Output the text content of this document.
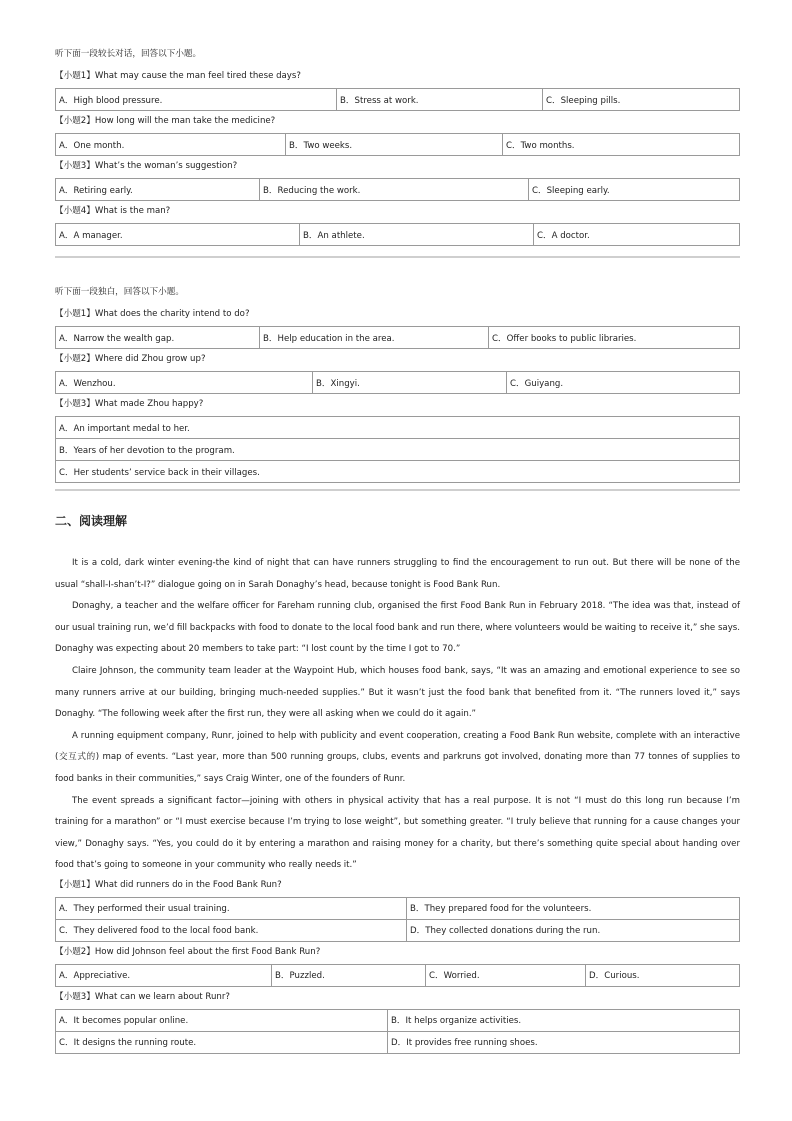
听下面一段较长对话，回答以下小题。
【小题1】What may cause the man feel tired these days?
A．High blood pressure.	B．Stress at work.	C．Sleeping pills.
【小题2】How long will the man take the medicine?
A．One month.	B．Two weeks.	C．Two months.
【小题3】What’s the woman’s suggestion?
A．Retiring early.	B．Reducing the work.	C．Sleeping early.
【小题4】What is the man?
A．A manager.	B．An athlete.	C．A doctor.
听下面一段独白，回答以下小题。
【小题1】What does the charity intend to do?
A．Narrow the wealth gap.	B．Help education in the area.	C．Offer books to public libraries.
【小题2】Where did Zhou grow up?
A．Wenzhou.	B．Xingyi.	C．Guiyang.
【小题3】What made Zhou happy?
A．An important medal to her.
B．Years of her devotion to the program.
C．Her students’ service back in their villages.
二、阅读理解

It is a cold, dark winter evening-the kind of night that can have runners struggling to find the encouragement to run out. But there will be none of the usual “shall-I-shan’t-I?” dialogue going on in Sarah Donaghy’s head, because tonight is Food Bank Run.

Donaghy, a teacher and the welfare officer for Fareham running club, organised the first Food Bank Run in February 2018. “The idea was that, instead of our usual training run, we’d fill backpacks with food to donate to the local food bank and run there, where volunteers would be waiting to receive it,” she says. Donaghy was expecting about 20 members to take part: “I lost count by the time I got to 70.”

Claire Johnson, the community team leader at the Waypoint Hub, which houses food bank, says, “It was an amazing and emotional experience to see so many runners arrive at our building, bringing much-needed supplies.” But it wasn’t just the food bank that benefited from it. “The runners loved it,” says Donaghy. “The following week after the first run, they were all asking when we could do it again.”

A running equipment company, Runr, joined to help with publicity and event cooperation, creating a Food Bank Run website, complete with an interactive (交互式的) map of events. “Last year, more than 500 running groups, clubs, events and parkruns got involved, donating more than 77 tonnes of supplies to food banks in their communities,” says Craig Winter, one of the founders of Runr.

The event spreads a significant factor—joining with others in physical activity that has a real purpose. It is not “I must do this long run because I’m training for a marathon” or “I must exercise because I’m trying to lose weight”, but something greater. “I truly believe that running for a cause changes your view,” Donaghy says. “Yes, you could do it by entering a marathon and raising money for a charity, but there’s something quite special about handing over food that’s going to someone in your community who really needs it.”

【小题1】What did runners do in the Food Bank Run?
A．They performed their usual training.	B．They prepared food for the volunteers.
C．They delivered food to the local food bank.	D．They collected donations during the run.
【小题2】How did Johnson feel about the first Food Bank Run?
A．Appreciative.	B．Puzzled.	C．Worried.	D．Curious.
【小题3】What can we learn about Runr?
A．It becomes popular online.	B．It helps organize activities.
C．It designs the running route.	D．It provides free running shoes.
